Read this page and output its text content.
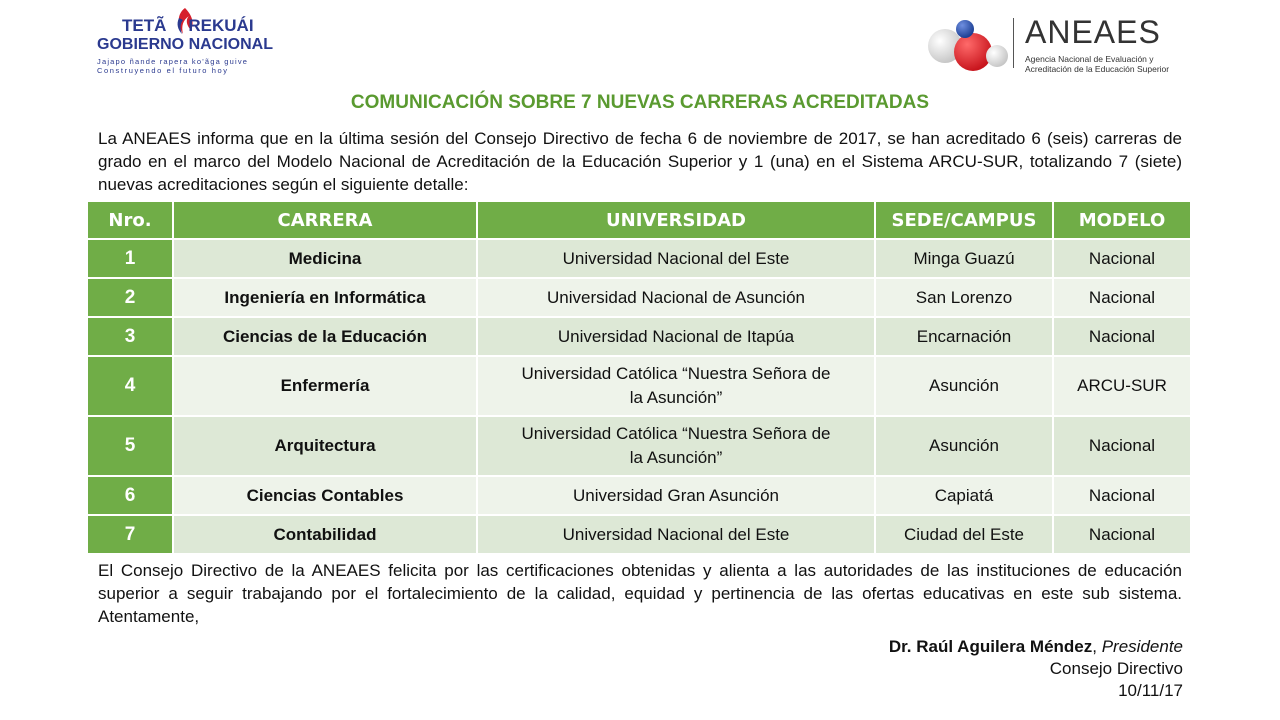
TETÃ REKUÁI
GOBIERNO NACIONAL
Jajapo ñande rapera ko'ãga guive
Construyendo el futuro hoy
ANEAES
Agencia Nacional de Evaluación y
Acreditación de la Educación Superior
COMUNICACIÓN SOBRE 7 NUEVAS CARRERAS ACREDITADAS
La ANEAES informa que en la última sesión del Consejo Directivo de fecha 6 de noviembre de 2017, se han acreditado 6 (seis) carreras de grado en el marco del Modelo Nacional de Acreditación de la Educación Superior y 1 (una) en el Sistema ARCU-SUR, totalizando 7 (siete) nuevas acreditaciones según el siguiente detalle:
Nro.	CARRERA	UNIVERSIDAD	SEDE/CAMPUS	MODELO
1	Medicina	Universidad Nacional del Este	Minga Guazú	Nacional
2	Ingeniería en Informática	Universidad Nacional de Asunción	San Lorenzo	Nacional
3	Ciencias de la Educación	Universidad Nacional de Itapúa	Encarnación	Nacional
4	Enfermería	Universidad Católica “Nuestra Señora de la Asunción”	Asunción	ARCU-SUR
5	Arquitectura	Universidad Católica “Nuestra Señora de la Asunción”	Asunción	Nacional
6	Ciencias Contables	Universidad Gran Asunción	Capiatá	Nacional
7	Contabilidad	Universidad Nacional del Este	Ciudad del Este	Nacional
El Consejo Directivo de la ANEAES felicita por las certificaciones obtenidas y alienta a las autoridades de las instituciones de educación superior a seguir trabajando por el fortalecimiento de la calidad, equidad y pertinencia de las ofertas educativas en este sub sistema. Atentamente,
Dr. Raúl Aguilera Méndez, Presidente
Consejo Directivo
10/11/17
